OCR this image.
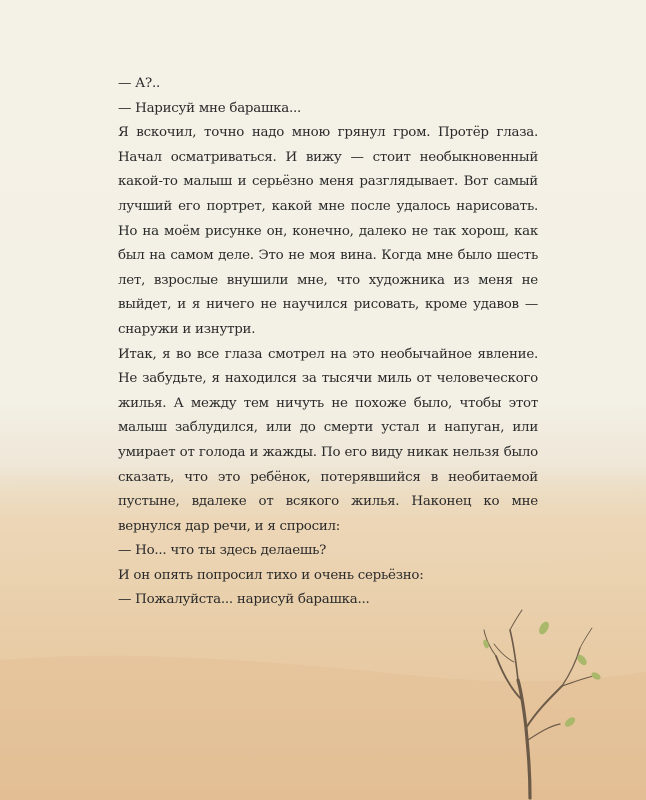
— А?..

— Нарисуй мне барашка...

Я вскочил, точно надо мною грянул гром. Протёр глаза. Начал осматриваться. И вижу — стоит необыкновенный какой-то малыш и серьёзно меня разглядывает. Вот самый лучший его портрет, какой мне после удалось нарисовать. Но на моём рисунке он, конечно, далеко не так хорош, как был на самом деле. Это не моя вина. Когда мне было шесть лет, взрослые внушили мне, что художника из меня не выйдет, и я ничего не научился рисовать, кроме удавов — снаружи и изнутри.

Итак, я во все глаза смотрел на это необычайное явление. Не забудьте, я находился за тысячи миль от человеческого жилья. А между тем ничуть не похоже было, чтобы этот малыш заблудился, или до смерти устал и напуган, или умирает от голода и жажды. По его виду никак нельзя было сказать, что это ребёнок, потерявшийся в необитаемой пустыне, вдалеке от всякого жилья. Наконец ко мне вернулся дар речи, и я спросил:

— Но... что ты здесь делаешь?

И он опять попросил тихо и очень серьёзно:

— Пожалуйста... нарисуй барашка...
